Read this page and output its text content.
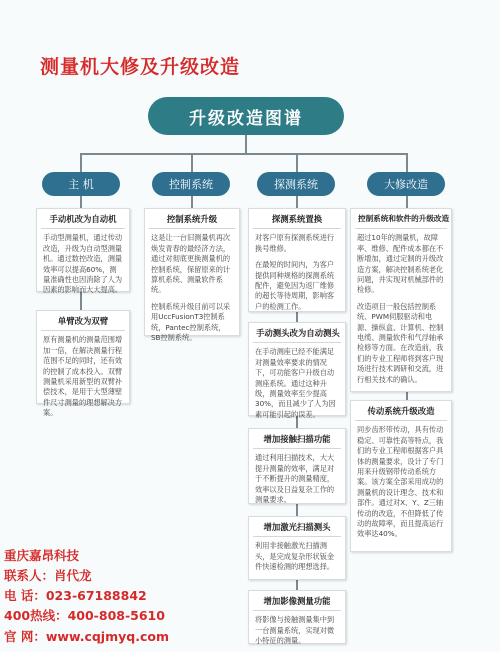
测量机大修及升级改造
升级改造图谱
主 机	控制系统	探测系统	大修改造
手动机改为自动机
手动型测量机，通过传动改造，升级为自动型测量机。通过数控改造，测量效率可以提高60%，测量准确性也因消除了人为因素的影响而大大提高。
单臂改为双臂
原有测量机的测量范围增加一倍，在解决测量行程范围不足的同时，还有效的控制了成本投入。双臂测量机采用新型的双臂补偿技术，是用于大型薄壁件尺寸测量的理想解决方案。
控制系统升级

这是让一台旧测量机再次焕发青春的最经济方法，通过对彻底更换测量机的控制系统，保留原来的计算机系统、测量软件系统。

控制系统升级目前可以采用UccFusionT3控制系统，Pantec控制系统，SB控制系统。

探测系统置换

对客户原有探测系统进行换号维修。

在最短的时间内，为客户提供同种规格的探测系统配件，避免因为返厂维修的超长等待周期，影响客户的检测工作。

手动测头改为自动测头
在手动测座已经不能满足对测量效率要求的情况下，可功能客户升级自动测座系统。通过这种升级，测量效率至少提高30%，而且减少了人为因素可能引起的误差。
增加接触扫描功能
通过利用扫描技术，大大提升测量的效率，满足对于不断提升的测量精度，效率以及日益复杂工作的测量要求。
增加激光扫描测头
利用非接触激光扫描测头，是完成复杂形状钣金件快速检测的理想选择。
增加影像测量功能
将影像与接触测量集中到一台测量系统，实现对微小特征的测量。
控制系统和软件的升级改造

超过10年的测量机，故障率、维修、配件成本都在不断增加，通过定制的升级改造方案，解决控制系统老化问题，并实现对机械部件的检修。

改造项目一般包括控制系统、PWM伺服驱动和电源、操纵盒、计算机、控制电缆、测量软件和气浮轴承检修等方面。在改造前，我们的专业工程师将到客户现场进行技术调研和交流，进行相关技术的确认。

传动系统升级改造
同步齿形带传动，具有传动稳定、可靠性高等特点，我们的专业工程师根据客户具体的测量要求，设计了专门用来升级钢带传动系统方案。该方案全部采用成功的测量机的设计理念、技术和部件。通过对X、Y、Z三轴传动的改造，不但降低了传动的故障率，而且提高运行效率达40%。
重庆嘉昂科技
联系人：肖代龙
电 话：023-67188842
400热线：400-808-5610
官 网：www.cqjmyq.com
